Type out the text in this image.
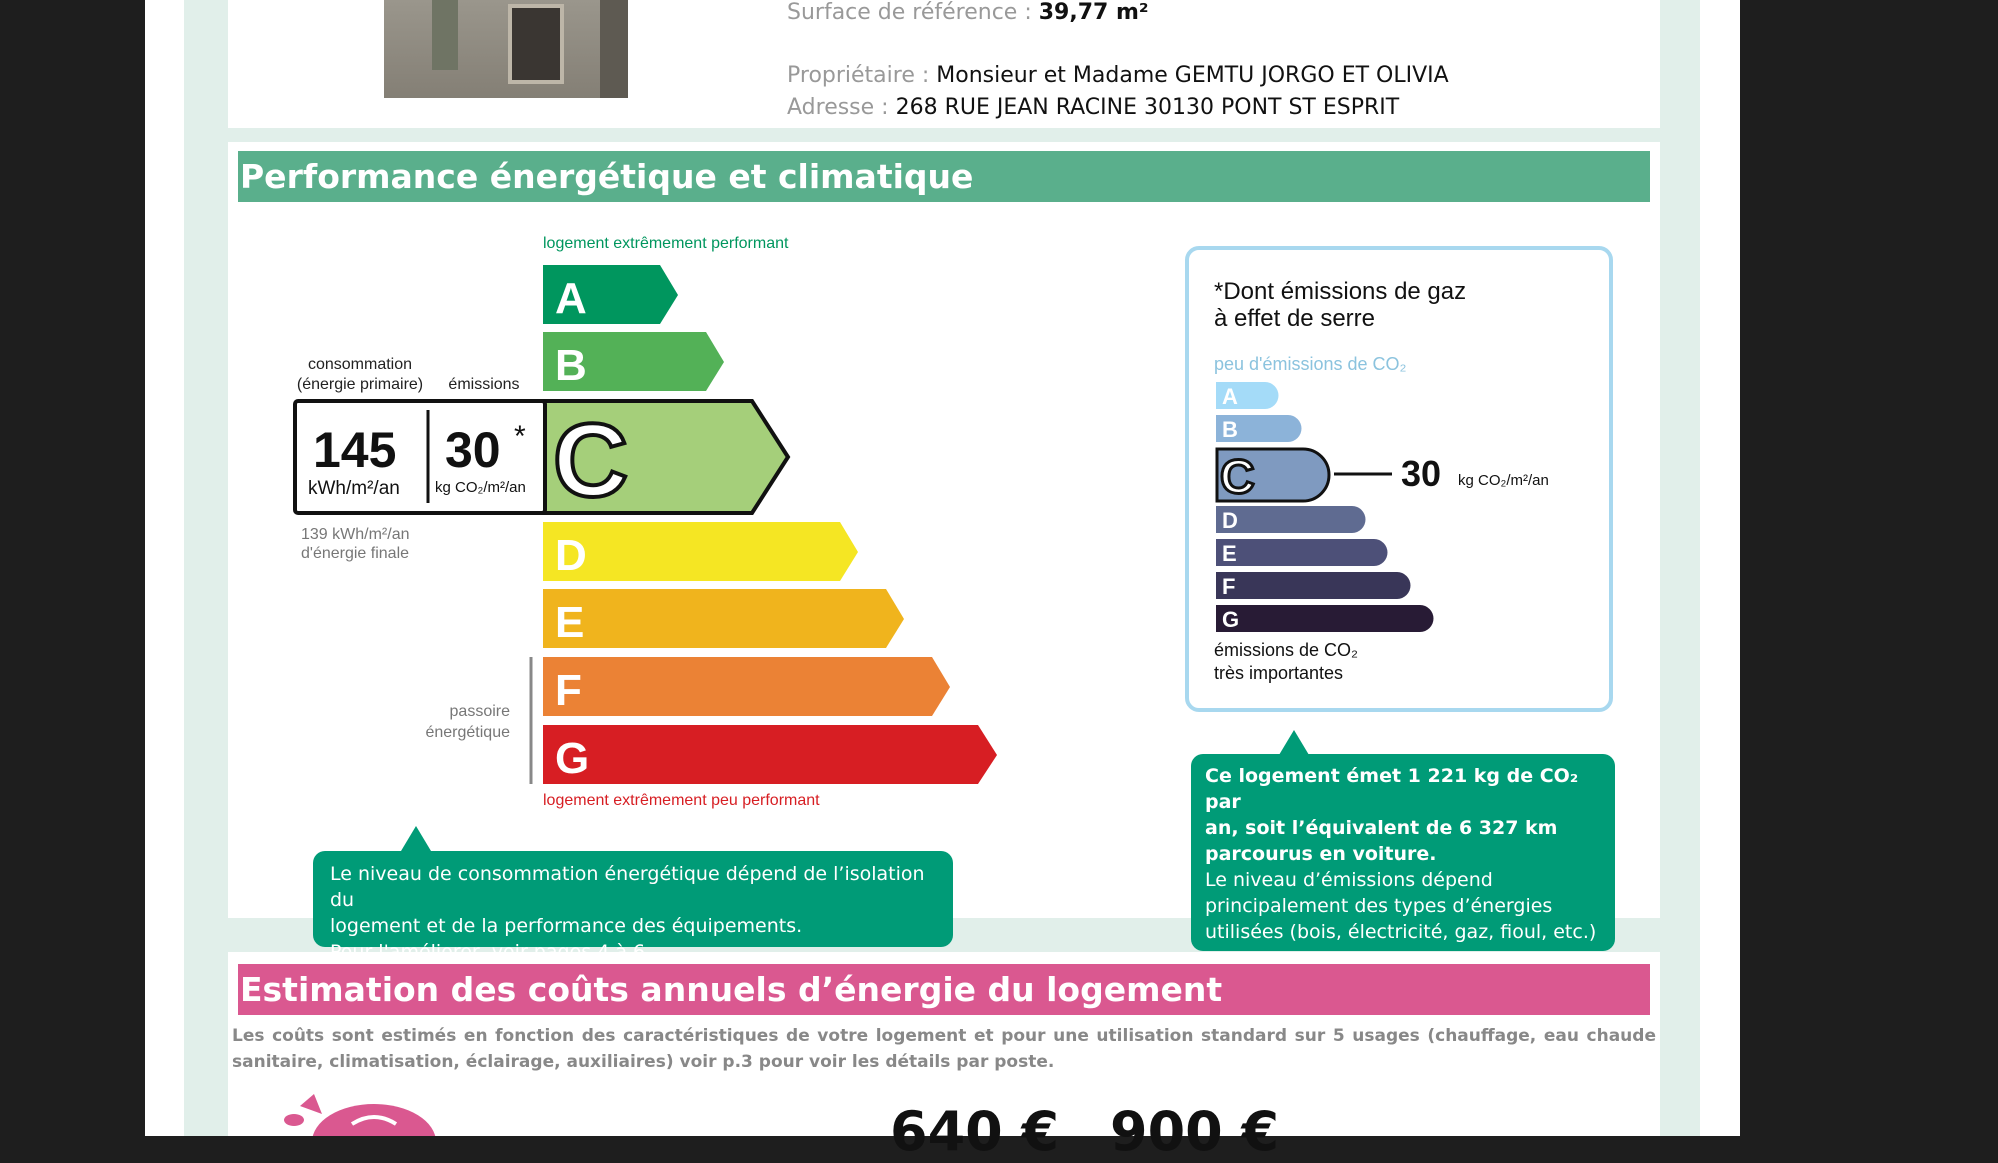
Surface de référence : 39,77 m²
Propriétaire : Monsieur et Madame GEMTU JORGO ET OLIVIA
Adresse : 268 RUE JEAN RACINE 30130 PONT ST ESPRIT
Performance énergétique et climatique
logement extrêmement performant
A
B
C
D
E
F
G
logement extrêmement peu performant
145
kWh/m²/an
30 *
kg CO₂/m²/an
consommation
(énergie primaire) émissions
139 kWh/m²/an
d'énergie finale
passoire
énergétique
*Dont émissions de gaz
à effet de serre
peu d'émissions de CO₂
A
B
C	30 kg CO₂/m²/an
D
E
F
G
émissions de CO₂
très importantes
Le niveau de consommation énergétique dépend de l’isolation du
logement et de la performance des équipements.
Pour l'améliorer, voir pages 4 à 6
Ce logement émet 1 221 kg de CO₂ par
an, soit l’équivalent de 6 327 km
parcourus en voiture.
Le niveau d’émissions dépend
principalement des types d’énergies
utilisées (bois, électricité, gaz, fioul, etc.)
Estimation des coûts annuels d’énergie du logement
Les coûts sont estimés en fonction des caractéristiques de votre logement et pour une utilisation standard sur 5 usages (chauffage, eau chaude sanitaire, climatisation, éclairage, auxiliaires) voir p.3 pour voir les détails par poste.
640 € 900 €
